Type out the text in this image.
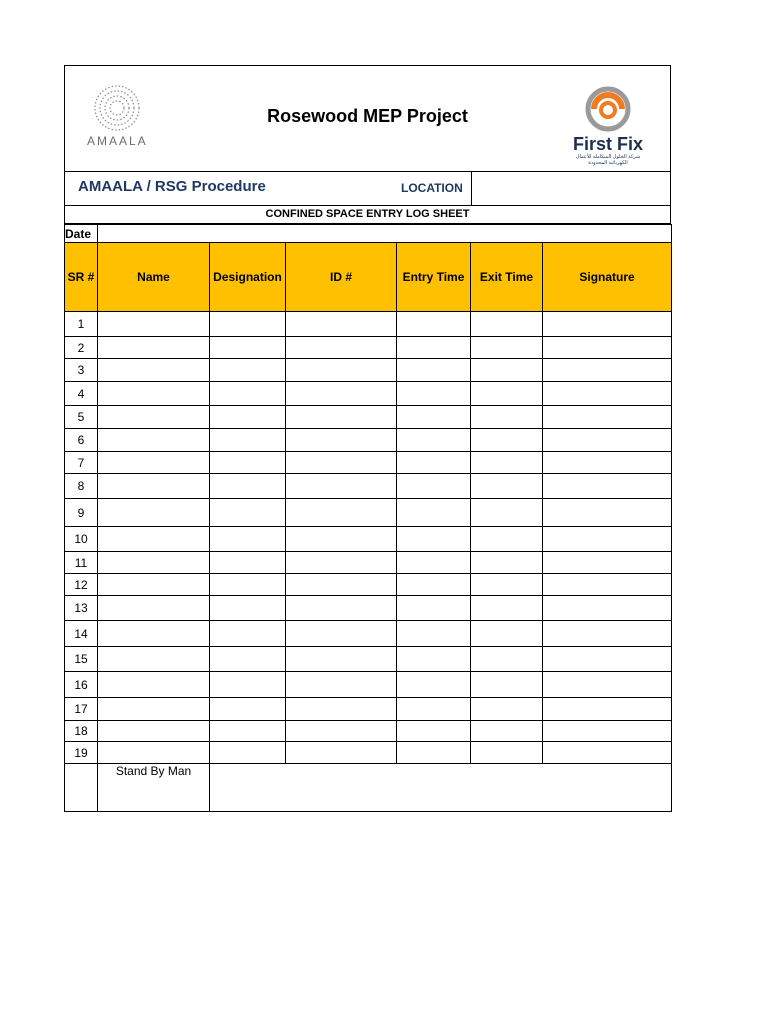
AMAALA
Rosewood MEP Project
First Fix
شركة الحلول المتكاملة للأعمال الكهربائية المحدودة
AMAALA / RSG Procedure	LOCATION
CONFINED SPACE ENTRY LOG SHEET
Date						
SR #	Name	Designation	ID #	Entry Time	Exit Time	Signature
1						
2						
3						
4						
5						
6						
7						
8						
9						
10						
11						
12						
13						
14						
15						
16						
17						
18						
19						
	Stand By Man					
